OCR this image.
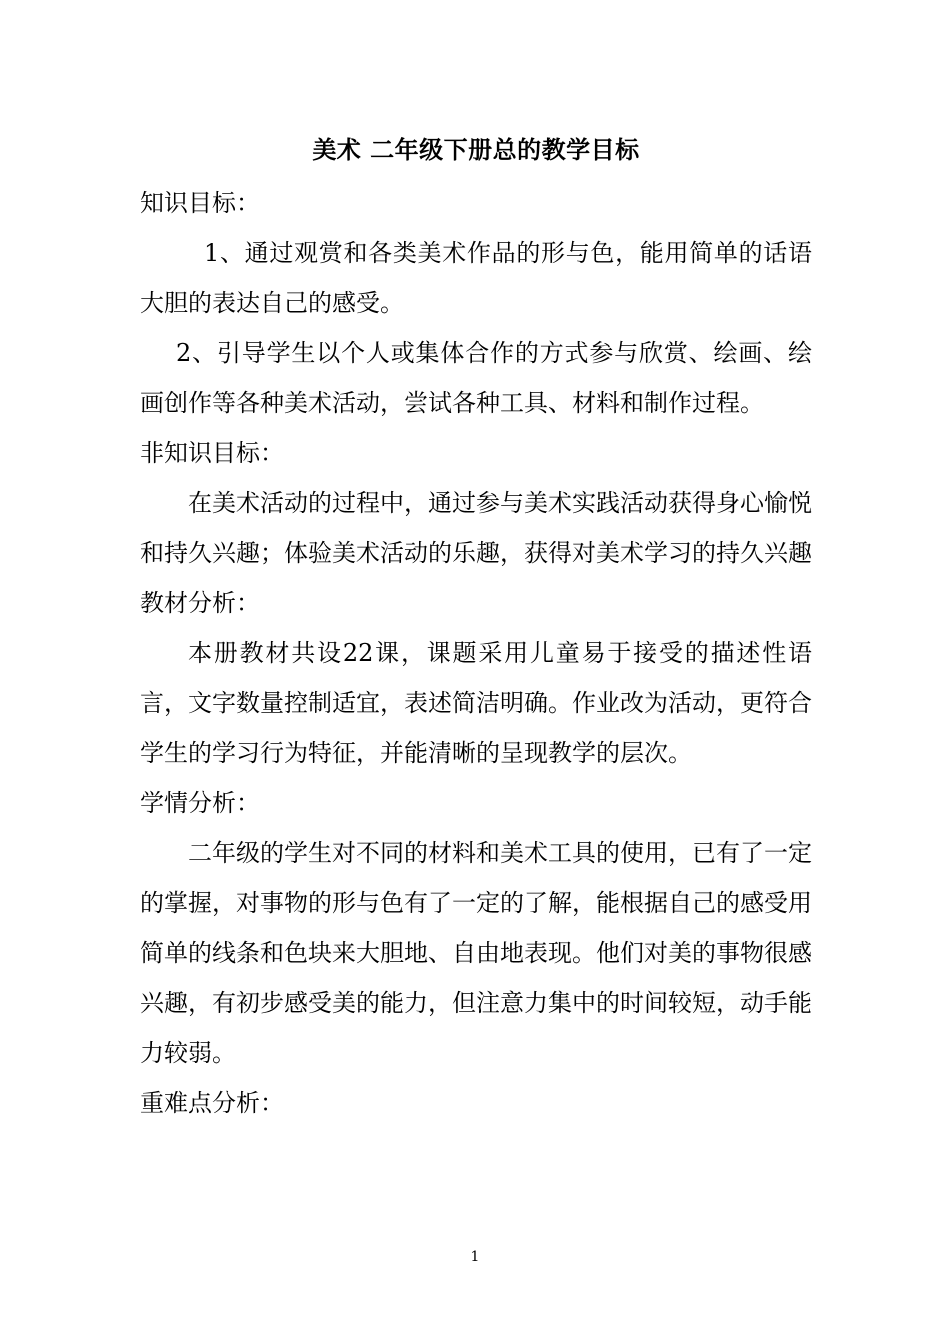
美术 二年级下册总的教学目标

知识目标：

1、通过观赏和各类美术作品的形与色，能用简单的话语大胆的表达自己的感受。

2、引导学生以个人或集体合作的方式参与欣赏、绘画、绘画创作等各种美术活动，尝试各种工具、材料和制作过程。

非知识目标：

在美术活动的过程中，通过参与美术实践活动获得身心愉悦和持久兴趣；体验美术活动的乐趣，获得对美术学习的持久兴趣

教材分析：

本册教材共设22课，课题采用儿童易于接受的描述性语言，文字数量控制适宜，表述简洁明确。作业改为活动，更符合学生的学习行为特征，并能清晰的呈现教学的层次。

学情分析：

二年级的学生对不同的材料和美术工具的使用，已有了一定的掌握，对事物的形与色有了一定的了解，能根据自己的感受用简单的线条和色块来大胆地、自由地表现。他们对美的事物很感兴趣，有初步感受美的能力，但注意力集中的时间较短，动手能力较弱。

重难点分析：

1
